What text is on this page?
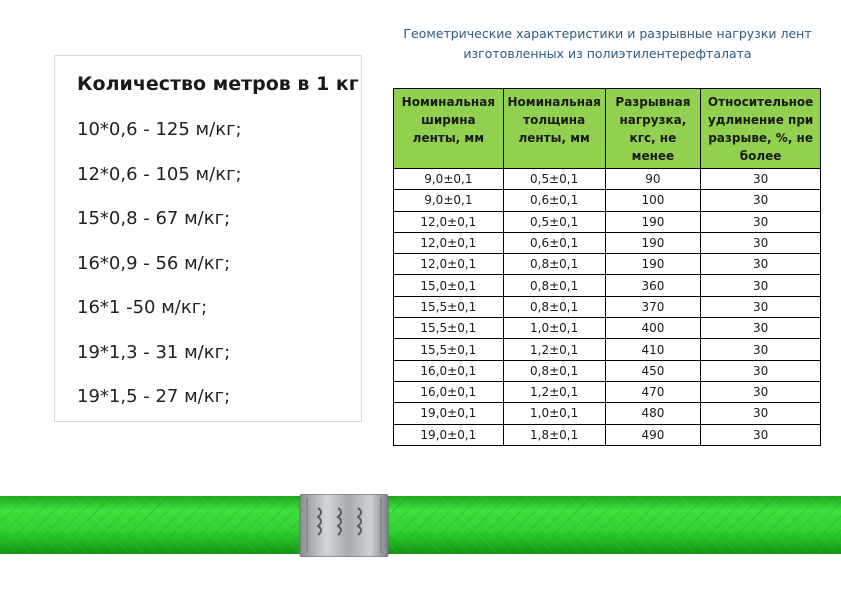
Количество метров в 1 кг
10*0,6 - 125 м/кг;
12*0,6 - 105 м/кг;
15*0,8 - 67 м/кг;
16*0,9 - 56 м/кг;
16*1 -50 м/кг;
19*1,3 - 31 м/кг;
19*1,5 - 27 м/кг;
Геометрические характеристики и разрывные нагрузки лент
изготовленных из полиэтилентерефталата
Номинальная ширина ленты, мм	Номинальная толщина ленты, мм	Разрывная нагрузка, кгс, не менее	Относительное удлинение при разрыве, %, не более
9,0±0,1	0,5±0,1	90	30
9,0±0,1	0,6±0,1	100	30
12,0±0,1	0,5±0,1	190	30
12,0±0,1	0,6±0,1	190	30
12,0±0,1	0,8±0,1	190	30
15,0±0,1	0,8±0,1	360	30
15,5±0,1	0,8±0,1	370	30
15,5±0,1	1,0±0,1	400	30
15,5±0,1	1,2±0,1	410	30
16,0±0,1	0,8±0,1	450	30
16,0±0,1	1,2±0,1	470	30
19,0±0,1	1,0±0,1	480	30
19,0±0,1	1,8±0,1	490	30
